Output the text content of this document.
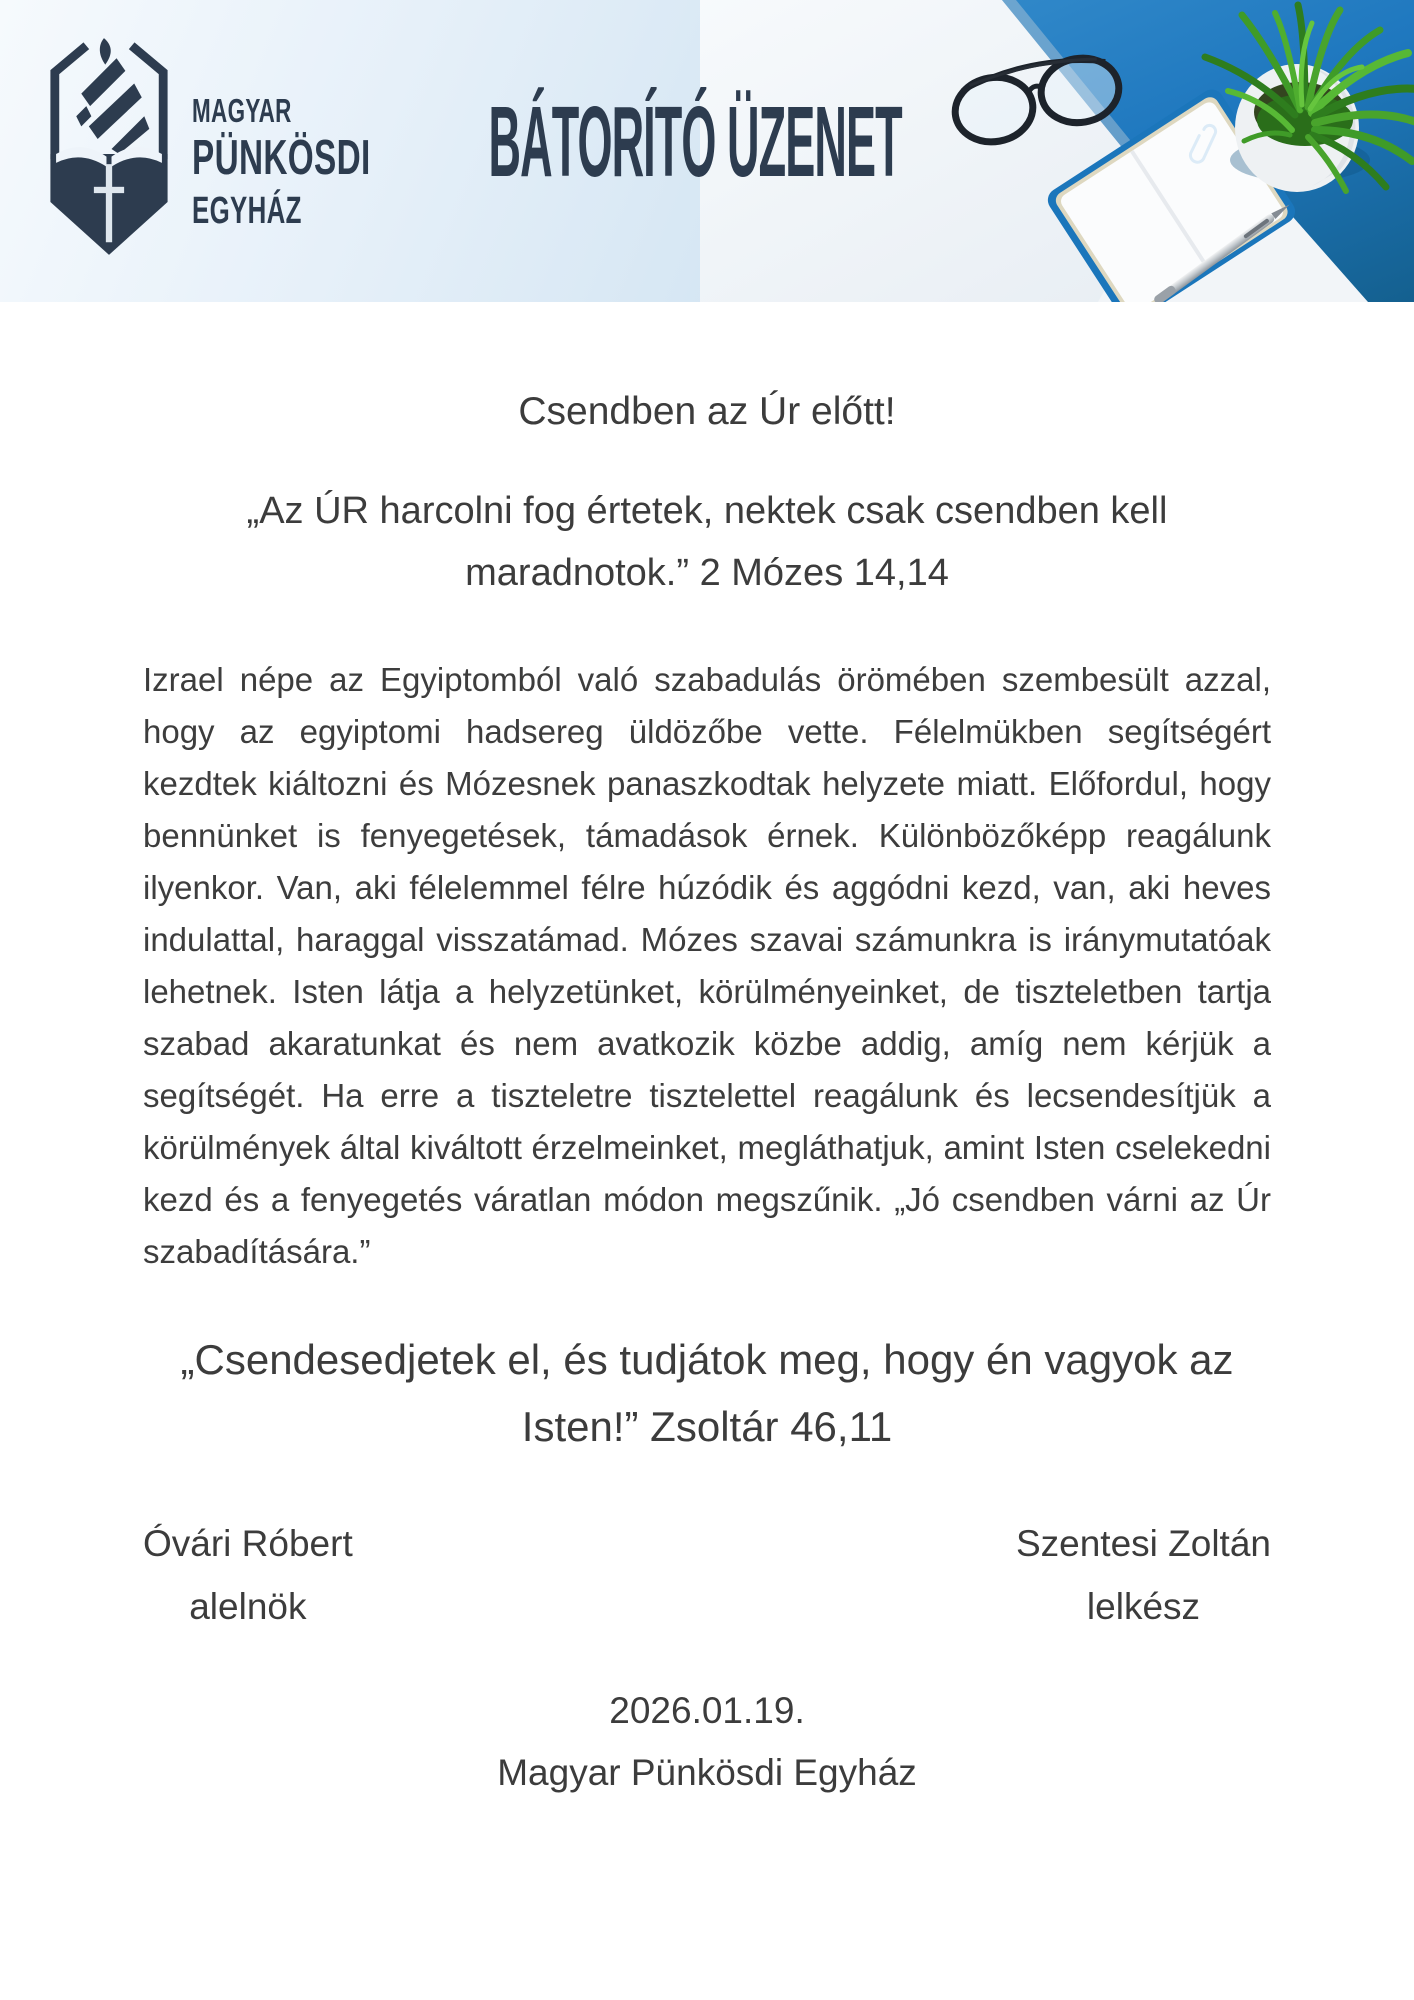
MAGYAR
PÜNKÖSDI
EGYHÁZ
BÁTORÍTÓ ÜZENET
Csendben az Úr előtt!

„Az ÚR harcolni fog értetek, nektek csak csendben kell maradnotok.” 2 Mózes 14,14

Izrael népe az Egyiptomból való szabadulás örömében szembesült azzal, hogy az egyiptomi hadsereg üldözőbe vette. Félelmükben segítségért kezdtek kiáltozni és Mózesnek panaszkodtak helyzete miatt. Előfordul, hogy bennünket is fenyegetések, támadások érnek. Különbözőképp reagálunk ilyenkor. Van, aki félelemmel félre húzódik és aggódni kezd, van, aki heves indulattal, haraggal visszatámad. Mózes szavai számunkra is iránymutatóak lehetnek. Isten látja a helyzetünket, körülményeinket, de tiszteletben tartja szabad akaratunkat és nem avatkozik közbe addig, amíg nem kérjük a segítségét. Ha erre a tiszteletre tisztelettel reagálunk és lecsendesítjük a körülmények által kiváltott érzelmeinket, megláthatjuk, amint Isten cselekedni kezd és a fenyegetés váratlan módon megszűnik. „Jó csendben várni az Úr szabadítására.”

„Csendesedjetek el, és tudjátok meg, hogy én vagyok az Isten!” Zsoltár 46,11

Óvári Róbert
alelnök
Szentesi Zoltán
lelkész
2026.01.19.
Magyar Pünkösdi Egyház
